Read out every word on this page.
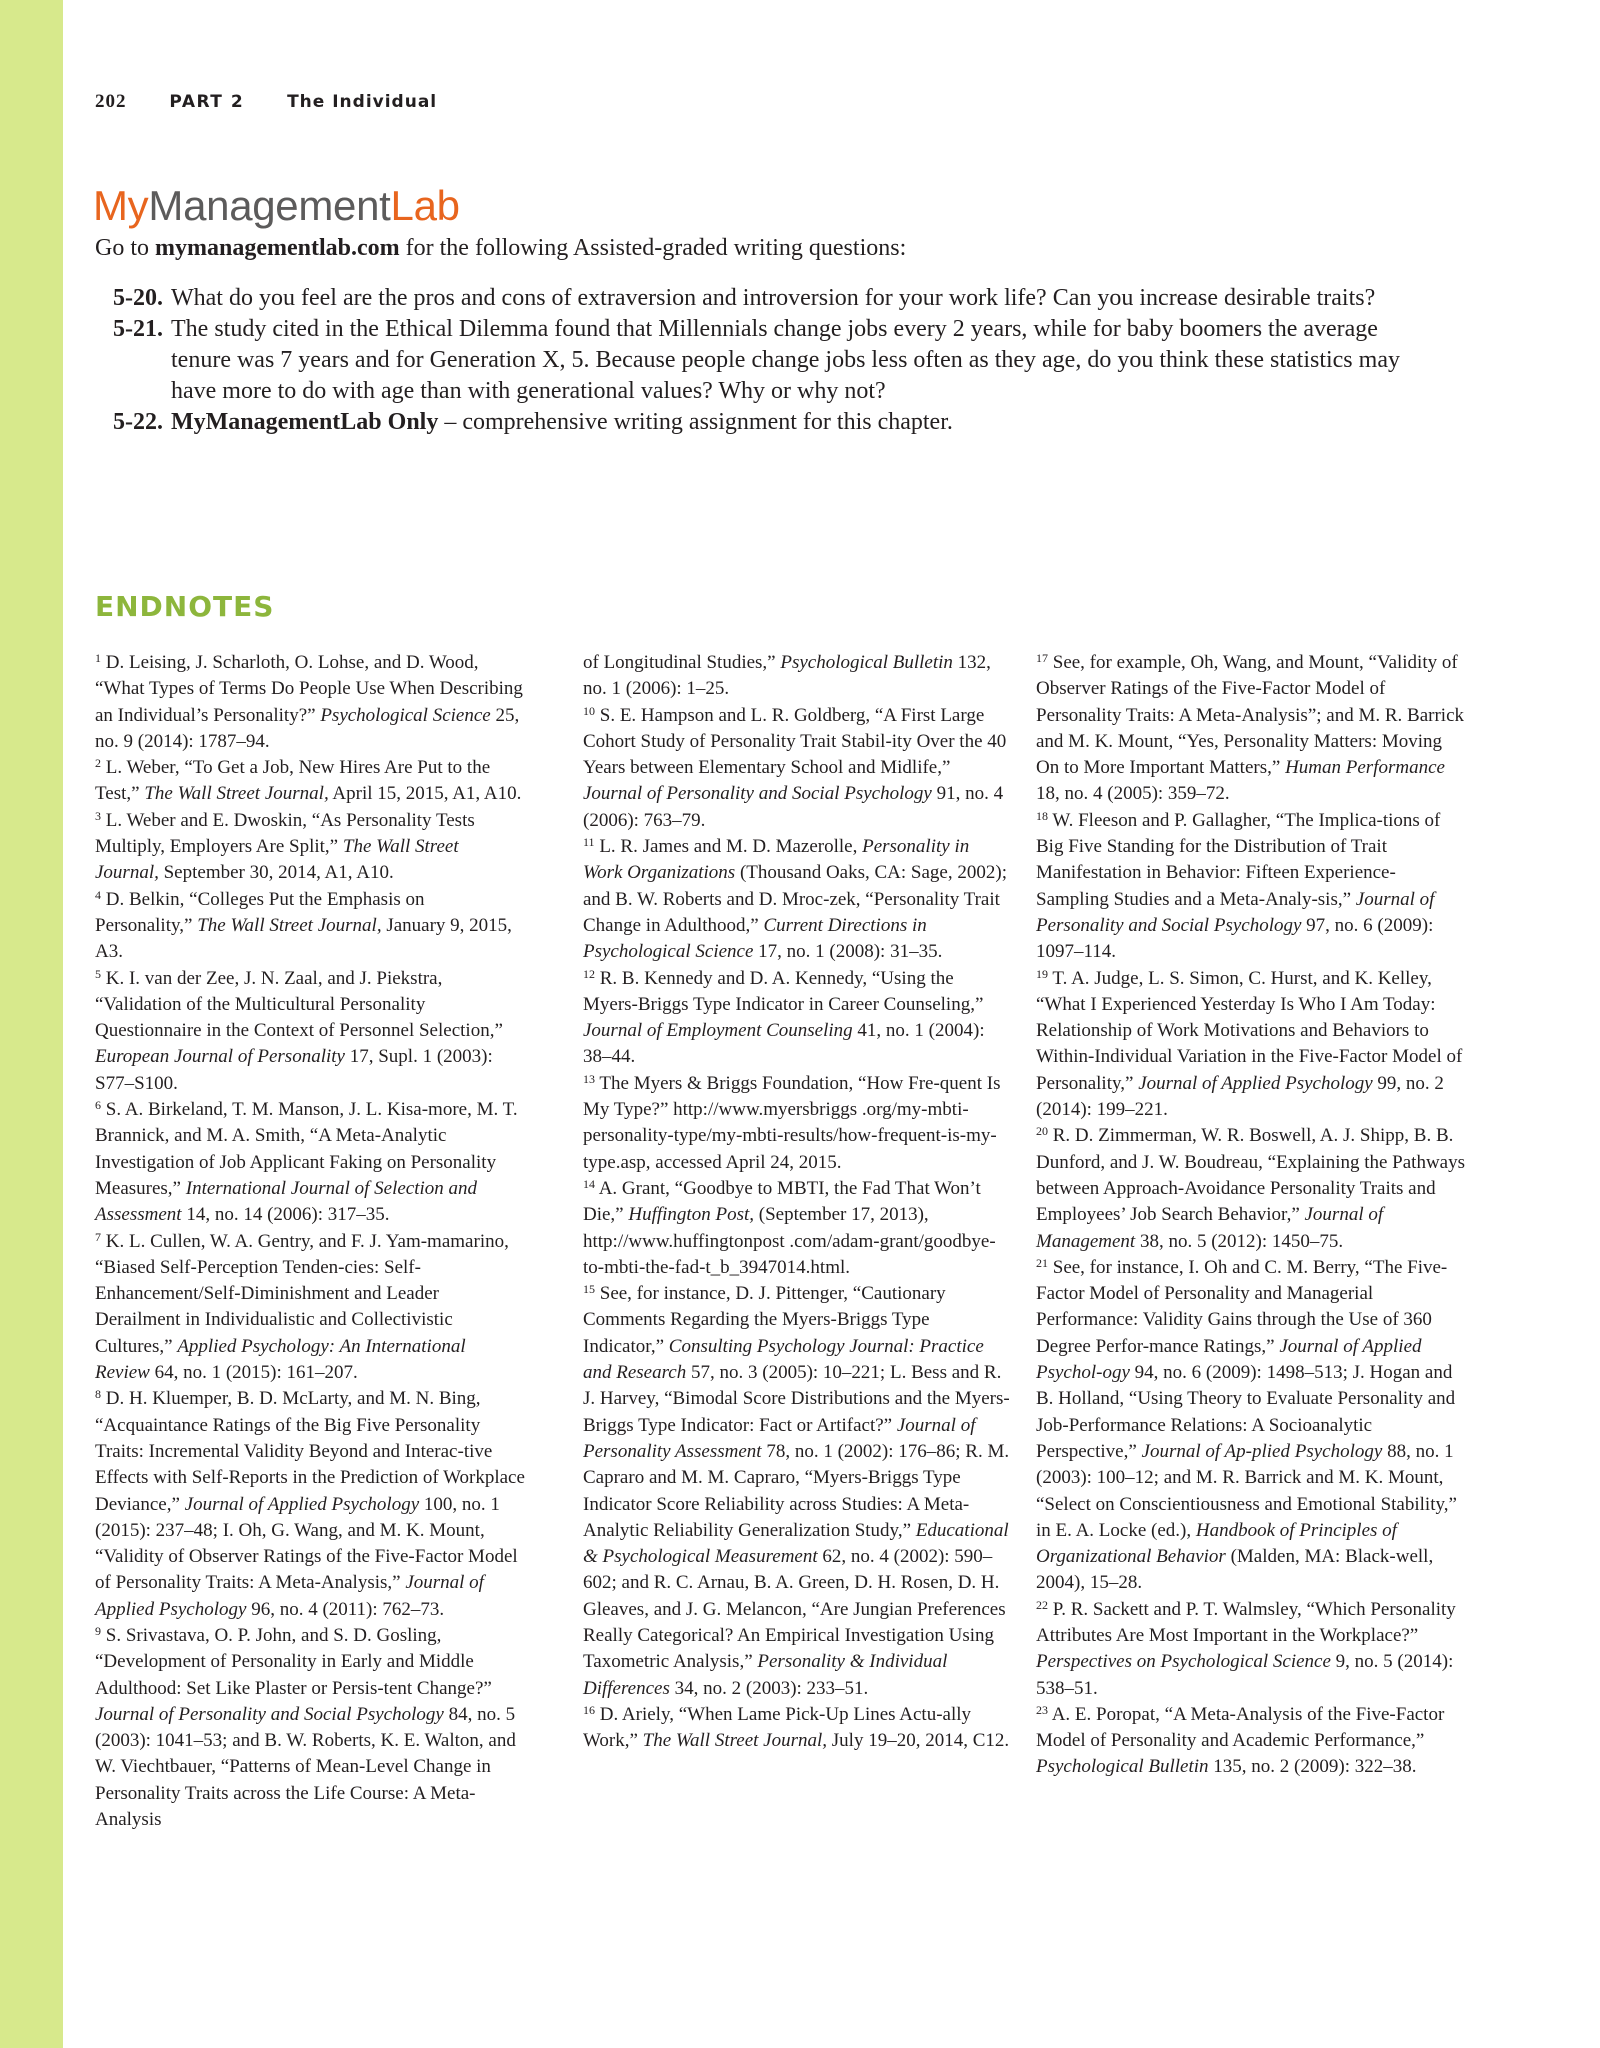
202	PART 2	The Individual
MyManagementLab
Go to mymanagementlab.com for the following Assisted-graded writing questions:
5-20. What do you feel are the pros and cons of extraversion and introversion for your work life? Can you increase desirable traits?
5-21. The study cited in the Ethical Dilemma found that Millennials change jobs every 2 years, while for baby boomers the average tenure was 7 years and for Generation X, 5. Because people change jobs less often as they age, do you think these statistics may have more to do with age than with generational values? Why or why not?
5-22. MyManagementLab Only – comprehensive writing assignment for this chapter.
ENDNOTES

$^1$ D. Leising, J. Scharloth, O. Lohse, and D. Wood, “What Types of Terms Do People Use When Describing an Individual’s Personality?” Psychological Science 25, no. 9 (2014): 1787–94.

$^2$ L. Weber, “To Get a Job, New Hires Are Put to the Test,” The Wall Street Journal, April 15, 2015, A1, A10.

$^3$ L. Weber and E. Dwoskin, “As Personality Tests Multiply, Employers Are Split,” The Wall Street Journal, September 30, 2014, A1, A10.

$^4$ D. Belkin, “Colleges Put the Emphasis on Personality,” The Wall Street Journal, January 9, 2015, A3.

$^5$ K. I. van der Zee, J. N. Zaal, and J. Piekstra, “Validation of the Multicultural Personality Questionnaire in the Context of Personnel Selection,” European Journal of Personality 17, Supl. 1 (2003): S77–S100.

$^6$ S. A. Birkeland, T. M. Manson, J. L. Kisa-more, M. T. Brannick, and M. A. Smith, “A Meta-Analytic Investigation of Job Applicant Faking on Personality Measures,” International Journal of Selection and Assessment 14, no. 14 (2006): 317–35.

$^7$ K. L. Cullen, W. A. Gentry, and F. J. Yam-mamarino, “Biased Self-Perception Tenden-cies: Self-Enhancement/Self-Diminishment and Leader Derailment in Individualistic and Collectivistic Cultures,” Applied Psychology: An International Review 64, no. 1 (2015): 161–207.

$^8$ D. H. Kluemper, B. D. McLarty, and M. N. Bing, “Acquaintance Ratings of the Big Five Personality Traits: Incremental Validity Beyond and Interac-tive Effects with Self-Reports in the Prediction of Workplace Deviance,” Journal of Applied Psychology 100, no. 1 (2015): 237–48; I. Oh, G. Wang, and M. K. Mount, “Validity of Observer Ratings of the Five-Factor Model of Personality Traits: A Meta-Analysis,” Journal of Applied Psychology 96, no. 4 (2011): 762–73.

$^9$ S. Srivastava, O. P. John, and S. D. Gosling, “Development of Personality in Early and Middle Adulthood: Set Like Plaster or Persis-tent Change?” Journal of Personality and Social Psychology 84, no. 5 (2003): 1041–53; and B. W. Roberts, K. E. Walton, and W. Viechtbauer, “Patterns of Mean-Level Change in Personality Traits across the Life Course: A Meta-Analysis

of Longitudinal Studies,” Psychological Bulletin 132, no. 1 (2006): 1–25.

$^{10}$ S. E. Hampson and L. R. Goldberg, “A First Large Cohort Study of Personality Trait Stabil-ity Over the 40 Years between Elementary School and Midlife,” Journal of Personality and Social Psychology 91, no. 4 (2006): 763–79.

$^{11}$ L. R. James and M. D. Mazerolle, Personality in Work Organizations (Thousand Oaks, CA: Sage, 2002); and B. W. Roberts and D. Mroc-zek, “Personality Trait Change in Adulthood,” Current Directions in Psychological Science 17, no. 1 (2008): 31–35.

$^{12}$ R. B. Kennedy and D. A. Kennedy, “Using the Myers-Briggs Type Indicator in Career Counseling,” Journal of Employment Counseling 41, no. 1 (2004): 38–44.

$^{13}$ The Myers & Briggs Foundation, “How Fre-quent Is My Type?” http://www.myersbriggs .org/my-mbti-personality-type/my-mbti-results/how-frequent-is-my-type.asp, accessed April 24, 2015.

$^{14}$ A. Grant, “Goodbye to MBTI, the Fad That Won’t Die,” Huffington Post, (September 17, 2013), http://www.huffingtonpost .com/adam-grant/goodbye-to-mbti-the-fad-t_b_3947014.html.

$^{15}$ See, for instance, D. J. Pittenger, “Cautionary Comments Regarding the Myers-Briggs Type Indicator,” Consulting Psychology Journal: Practice and Research 57, no. 3 (2005): 10–221; L. Bess and R. J. Harvey, “Bimodal Score Distributions and the Myers-Briggs Type Indicator: Fact or Artifact?” Journal of Personality Assessment 78, no. 1 (2002): 176–86; R. M. Capraro and M. M. Capraro, “Myers-Briggs Type Indicator Score Reliability across Studies: A Meta-Analytic Reliability Generalization Study,” Educational & Psychological Measurement 62, no. 4 (2002): 590–602; and R. C. Arnau, B. A. Green, D. H. Rosen, D. H. Gleaves, and J. G. Melancon, “Are Jungian Preferences Really Categorical? An Empirical Investigation Using Taxometric Analysis,” Personality & Individual Differences 34, no. 2 (2003): 233–51.

$^{16}$ D. Ariely, “When Lame Pick-Up Lines Actu-ally Work,” The Wall Street Journal, July 19–20, 2014, C12.

$^{17}$ See, for example, Oh, Wang, and Mount, “Validity of Observer Ratings of the Five-Factor Model of Personality Traits: A Meta-Analysis”; and M. R. Barrick and M. K. Mount, “Yes, Personality Matters: Moving On to More Important Matters,” Human Performance 18, no. 4 (2005): 359–72.

$^{18}$ W. Fleeson and P. Gallagher, “The Implica-tions of Big Five Standing for the Distribution of Trait Manifestation in Behavior: Fifteen Experience-Sampling Studies and a Meta-Analy-sis,” Journal of Personality and Social Psychology 97, no. 6 (2009): 1097–114.

$^{19}$ T. A. Judge, L. S. Simon, C. Hurst, and K. Kelley, “What I Experienced Yesterday Is Who I Am Today: Relationship of Work Motivations and Behaviors to Within-Individual Variation in the Five-Factor Model of Personality,” Journal of Applied Psychology 99, no. 2 (2014): 199–221.

$^{20}$ R. D. Zimmerman, W. R. Boswell, A. J. Shipp, B. B. Dunford, and J. W. Boudreau, “Explaining the Pathways between Approach-Avoidance Personality Traits and Employees’ Job Search Behavior,” Journal of Management 38, no. 5 (2012): 1450–75.

$^{21}$ See, for instance, I. Oh and C. M. Berry, “The Five-Factor Model of Personality and Managerial Performance: Validity Gains through the Use of 360 Degree Perfor-mance Ratings,” Journal of Applied Psychol-ogy 94, no. 6 (2009): 1498–513; J. Hogan and B. Holland, “Using Theory to Evaluate Personality and Job-Performance Relations: A Socioanalytic Perspective,” Journal of Ap-plied Psychology 88, no. 1 (2003): 100–12; and M. R. Barrick and M. K. Mount, “Select on Conscientiousness and Emotional Stability,” in E. A. Locke (ed.), Handbook of Principles of Organizational Behavior (Malden, MA: Black-well, 2004), 15–28.

$^{22}$ P. R. Sackett and P. T. Walmsley, “Which Personality Attributes Are Most Important in the Workplace?” Perspectives on Psychological Science 9, no. 5 (2014): 538–51.

$^{23}$ A. E. Poropat, “A Meta-Analysis of the Five-Factor Model of Personality and Academic Performance,” Psychological Bulletin 135, no. 2 (2009): 322–38.
